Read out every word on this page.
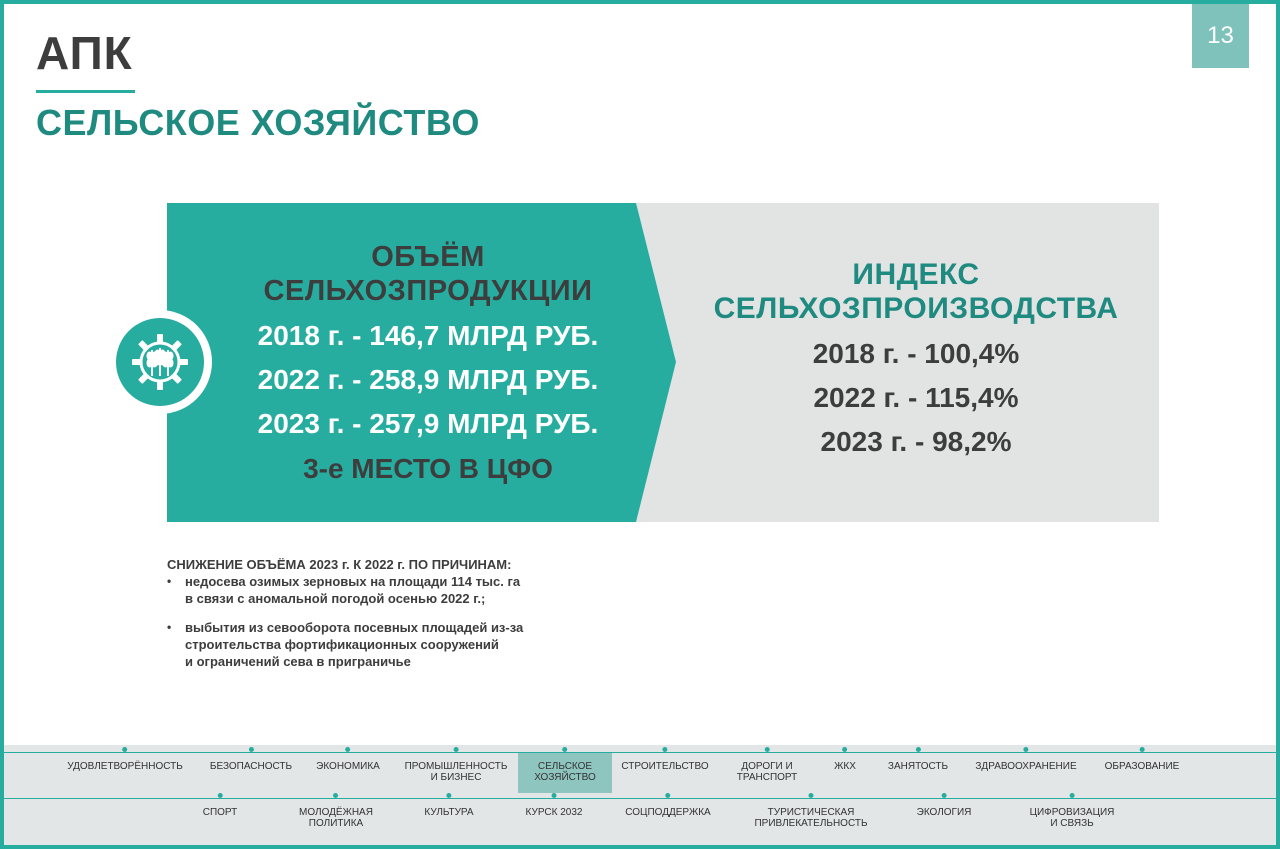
13
АПК
СЕЛЬСКОЕ ХОЗЯЙСТВО
ОБЪЁМ
СЕЛЬХОЗПРОДУКЦИИ
2018 г. - 146,7 МЛРД РУБ.
2022 г. - 258,9 МЛРД РУБ.
2023 г. - 257,9 МЛРД РУБ.
3-е МЕСТО В ЦФО
ИНДЕКС
СЕЛЬХОЗПРОИЗВОДСТВА
2018 г. - 100,4%
2022 г. - 115,4%
2023 г. - 98,2%
СНИЖЕНИЕ ОБЪЁМА 2023 г. К 2022 г. ПО ПРИЧИНАМ:
• недосева озимых зерновых на площади 114 тыс. га
в связи с аномальной погодой осенью 2022 г.;
• выбытия из севооборота посевных площадей из-за
строительства фортификационных сооружений
и ограничений сева в приграничье
УДОВЛЕТВОРЁННОСТЬ	БЕЗОПАСНОСТЬ ЭКОНОМИКА ПРОМЫШЛЕННОСТЬ
И БИЗНЕС
СЕЛЬСКОЕ
ХОЗЯЙСТВО
СТРОИТЕЛЬСТВО	ДОРОГИ И
ТРАНСПОРТ
ЖКХ	ЗАНЯТОСТЬ	ЗДРАВООХРАНЕНИЕ	ОБРАЗОВАНИЕ
СПОРТ	МОЛОДЁЖНАЯ
ПОЛИТИКА
КУЛЬТУРА	КУРСК 2032	СОЦПОДДЕРЖКА	ТУРИСТИЧЕСКАЯ
ПРИВЛЕКАТЕЛЬНОСТЬ
ЭКОЛОГИЯ	ЦИФРОВИЗАЦИЯ
И СВЯЗЬ
